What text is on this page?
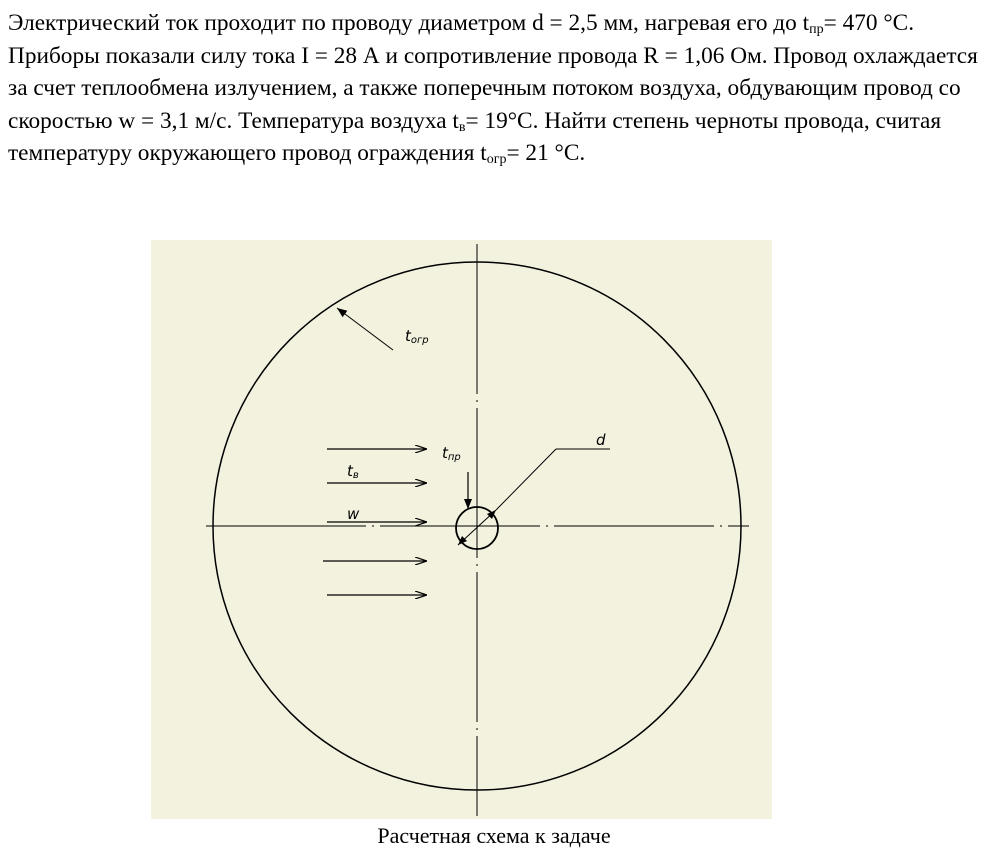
Электрический ток проходит по проводу диаметром d = 2,5 мм, нагревая его до $t_{пр}= 470$ °С. Приборы показали силу тока I = 28 А и сопротивление провода R = 1,06 Ом. Провод охлаждается за счет теплообмена излучением, а также поперечным потоком воздуха, обдувающим провод со скоростью w = 3,1 м/с. Температура воздуха $t_в= 19^\circ С$. Найти степень черноты провода, считая температуру окружающего провод ограждения $t_{огр}= 21$ °С.

tогр
tпр
tв
w
d

Расчетная схема к задаче
